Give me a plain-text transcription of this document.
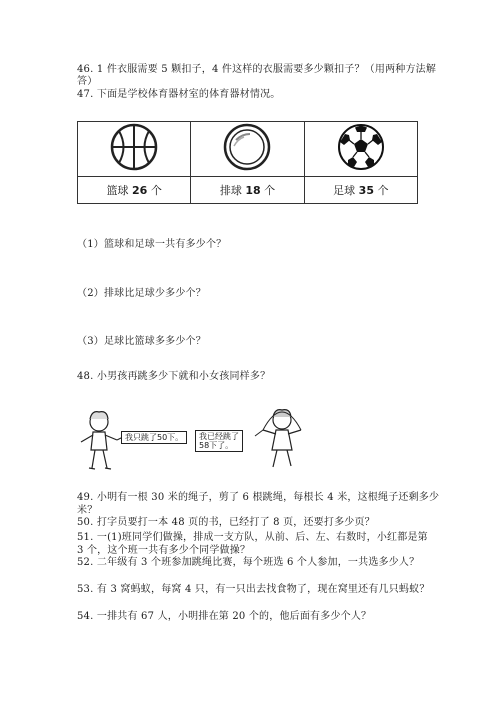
46. 1 件衣服需要 5 颗扣子，4 件这样的衣服需要多少颗扣子？（用两种方法解
答）
47. 下面是学校体育器材室的体育器材情况。

篮球 26 个	排球 18 个	足球 35 个
（1）篮球和足球一共有多少个？
（2）排球比足球少多少个？
（3）足球比篮球多多少个？
48. 小男孩再跳多少下就和小女孩同样多？
我只跳了50下。	我已经跳了
58下了。
49. 小明有一根 30 米的绳子，剪了 6 根跳绳，每根长 4 米，这根绳子还剩多少
米？
50. 打字员要打一本 48 页的书，已经打了 8 页，还要打多少页？
51. 一(1)班同学们做操，排成一支方队，从前、后、左、右数时，小红都是第
3 个，这个班一共有多少个同学做操？
52. 二年级有 3 个班参加跳绳比赛，每个班选 6 个人参加，一共选多少人？
53. 有 3 窝蚂蚁，每窝 4 只，有一只出去找食物了，现在窝里还有几只蚂蚁？
54. 一排共有 67 人，小明排在第 20 个的，他后面有多少个人？
